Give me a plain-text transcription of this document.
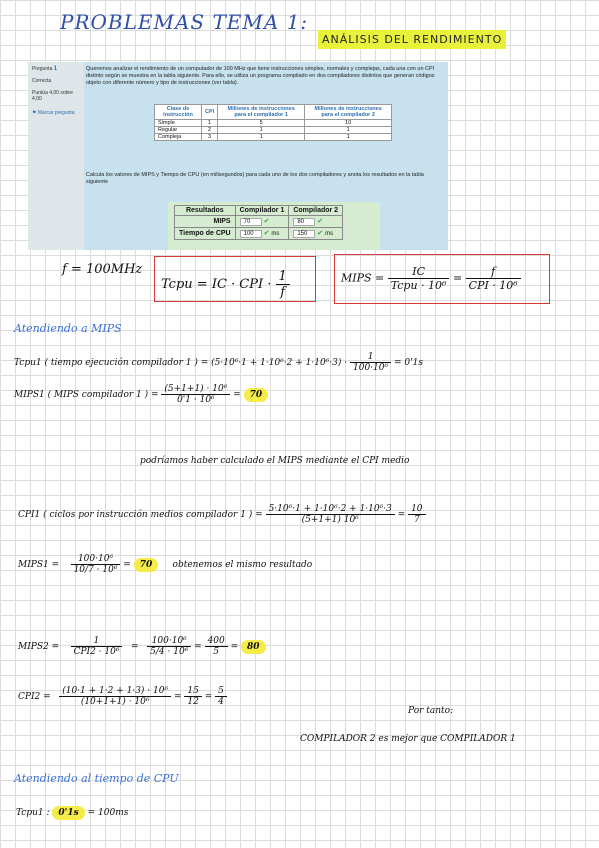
PROBLEMAS TEMA 1:
ANÁLISIS DEL RENDIMIENTO
Pregunta 1
Correcta
Puntúa 4,00 sobre 4,00
⚑ Marcar pregunta
Queremos analizar el rendimiento de un computador de 100 MHz que tiene instrucciones simples, normales y complejas, cada una con un CPI distinto según se muestra en la tabla siguiente. Para ello, se utiliza un programa compilado en dos compiladores distintos que generan códigos objeto con diferente número y tipo de instrucciones (ver tabla).
Clase de instrucción	CPI	Millones de instrucciones para el compilador 1	Millones de instrucciones para el compilador 2
Simple	1	5	10
Regular	2	1	1
Compleja	3	1	1
Calcula los valores de MIPS y Tiempo de CPU (en milisegundos) para cada uno de los dos compiladores y anota los resultados en la tabla siguiente
Resultados	Compilador 1	Compilador 2
MIPS	70 ✔	80 ✔
Tiempo de CPU	100 ✔ ms	150 ✔ ms
f = 100MHz
Tcpu = IC · CPI · $\frac{1}{f}$	MIPS = $\frac{IC}{\text{Tcpu · 10⁶}} = \frac{f}{\text{CPI · 10⁶}}$
Atendiendo a MIPS
Tcpu1 ( tiempo ejecución compilador 1 ) = $(5\cdot 10^6\cdot 1 + 1\cdot 10^6\cdot 2 + 1\cdot 10^6\cdot 3) \cdot \frac{1}{\text{100·10⁶}} = 0'1s$
MIPS1 ( MIPS compilador 1 ) = $\frac{\text{(5+1+1) · 10⁶}}{\text{0'1 · 10⁶}} = 70$
podríamos haber calculado el MIPS mediante el CPI medio
CPI1 ( ciclos por instrucción medios compilador 1 ) = $\frac{\text{5·10⁶·1 + 1·10⁶·2 + 1·10⁶·3}}{\text{(5+1+1) 10⁶}} = \frac{10}{7}$
MIPS1 = $\frac{\text{100·10⁶}}{\text{10/7 · 10⁶}} = 70$ obtenemos el mismo resultado
MIPS2 = $\frac{1}{\text{CPI2 · 10⁶}} = \frac{\text{100·10⁶}}{\text{5/4 · 10⁶}} = \frac{400}{5} = 80$
$CPI2 = \frac{\text{(10·1 + 1·2 + 1·3) · 10⁶}}{\text{(10+1+1) · 10⁶}} = \frac{15}{12} = \frac{5}{4}$
Por tanto:
COMPILADOR 2 es mejor que COMPILADOR 1
Atendiendo al tiempo de CPU
Tcpu1 : 0'1s = 100ms
